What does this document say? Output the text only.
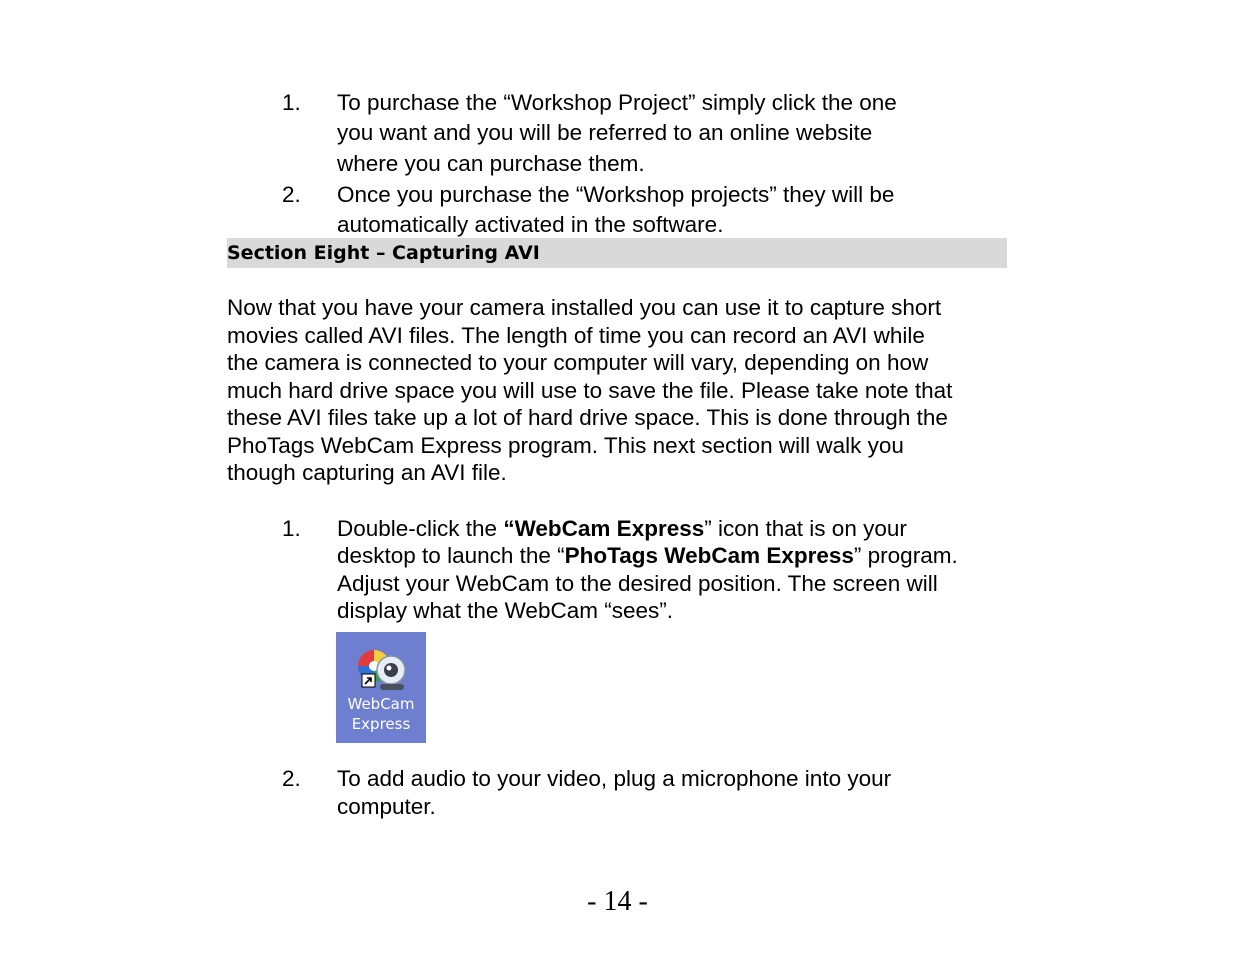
1. To purchase the “Workshop Project” simply click the one
you want and you will be referred to an online website
where you can purchase them.
2. Once you purchase the “Workshop projects” they will be
automatically activated in the software.
Section Eight – Capturing AVI
Now that you have your camera installed you can use it to capture short
movies called AVI files. The length of time you can record an AVI while
the camera is connected to your computer will vary, depending on how
much hard drive space you will use to save the file. Please take note that
these AVI files take up a lot of hard drive space. This is done through the
PhoTags WebCam Express program. This next section will walk you
though capturing an AVI file.
1. Double-click the “WebCam Express” icon that is on your
desktop to launch the “PhoTags WebCam Express” program.
Adjust your WebCam to the desired position. The screen will
display what the WebCam “sees”.
WebCam
Express
2. To add audio to your video, plug a microphone into your
computer.
- 14 -
